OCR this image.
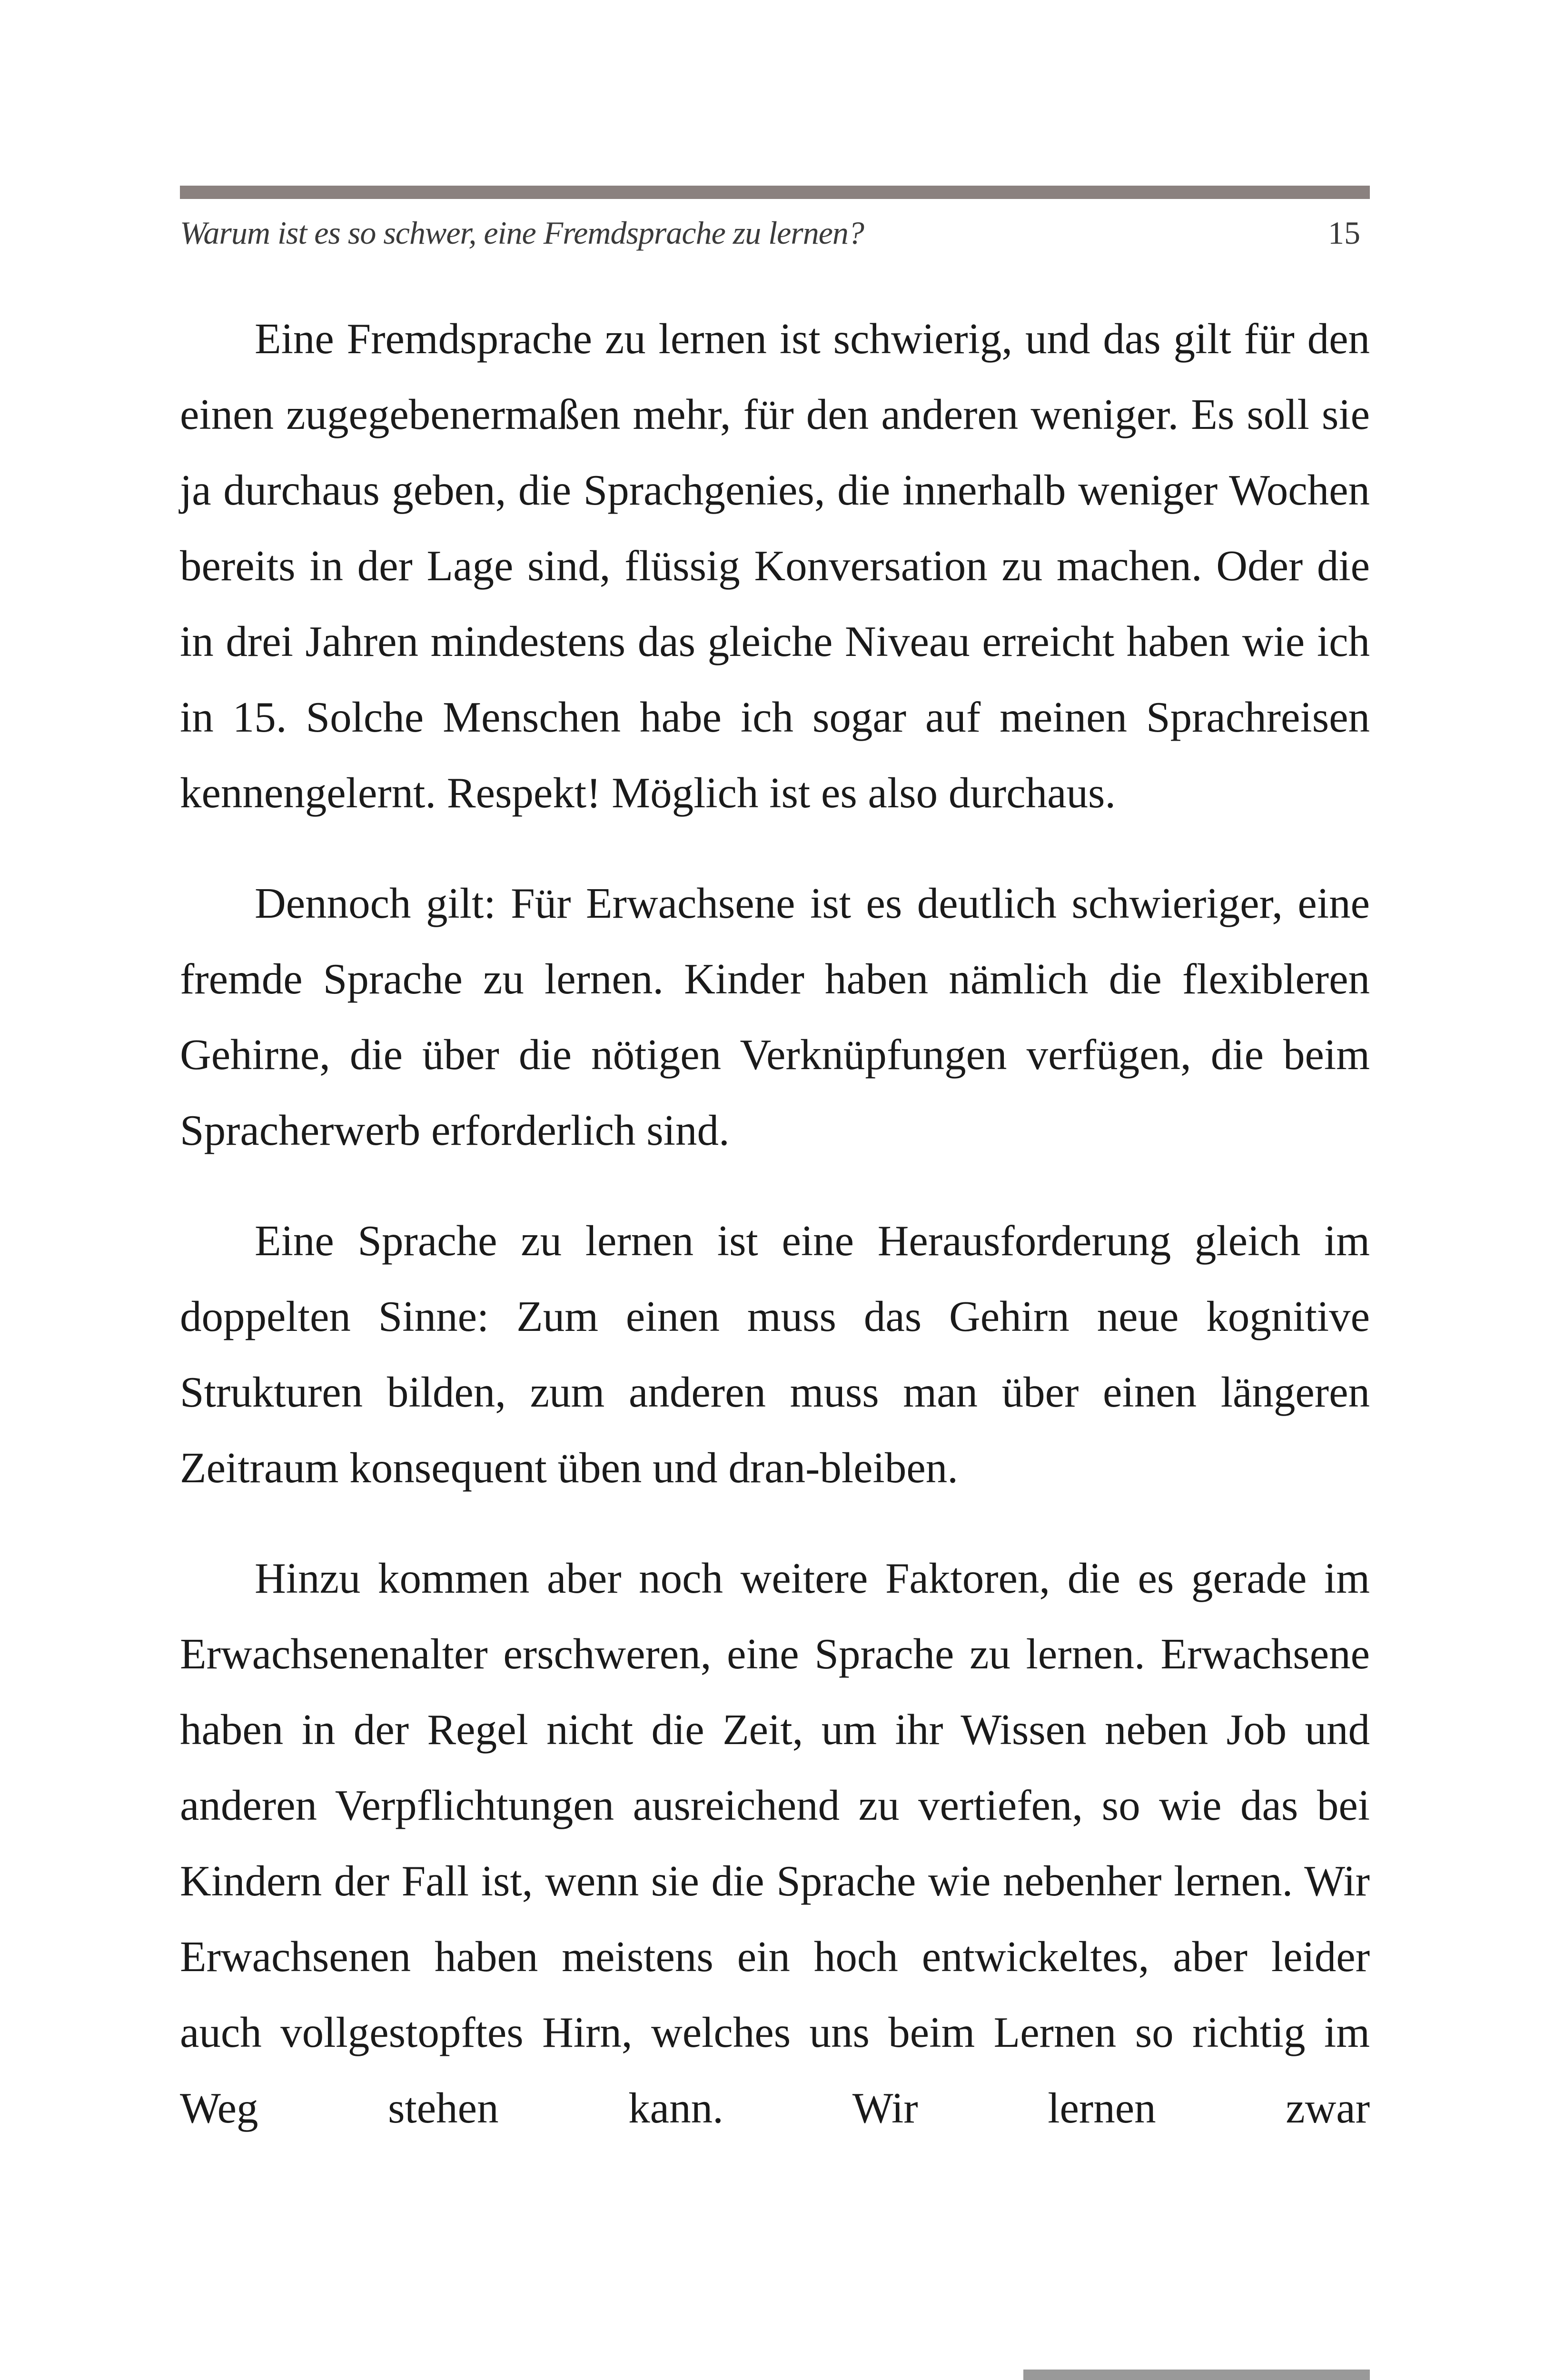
Warum ist es so schwer, eine Fremdsprache zu lernen?	15

Eine Fremdsprache zu lernen ist schwierig, und das gilt für den einen zugegebenermaßen mehr, für den anderen weniger. Es soll sie ja durchaus geben, die Sprachgenies, die innerhalb weniger Wochen bereits in der Lage sind, flüssig Konversation zu machen. Oder die in drei Jahren mindestens das gleiche Niveau erreicht haben wie ich in 15. Solche Menschen habe ich sogar auf meinen Sprachreisen kennengelernt. Respekt! Möglich ist es also durchaus.

Dennoch gilt: Für Erwachsene ist es deutlich schwieriger, eine fremde Sprache zu lernen. Kinder haben nämlich die flexibleren Gehirne, die über die nötigen Verknüpfungen verfügen, die beim Spracherwerb erforderlich sind.

Eine Sprache zu lernen ist eine Herausforderung gleich im doppelten Sinne: Zum einen muss das Gehirn neue kognitive Strukturen bilden, zum anderen muss man über einen längeren Zeitraum konsequent üben und dran-bleiben.

Hinzu kommen aber noch weitere Faktoren, die es gerade im Erwachsenenalter erschweren, eine Sprache zu lernen. Erwachsene haben in der Regel nicht die Zeit, um ihr Wissen neben Job und anderen Verpflichtungen ausreichend zu vertiefen, so wie das bei Kindern der Fall ist, wenn sie die Sprache wie nebenher lernen. Wir Erwachsenen haben meistens ein hoch entwickeltes, aber leider auch vollgestopftes Hirn, welches uns beim Lernen so richtig im Weg stehen kann. Wir lernen zwar
